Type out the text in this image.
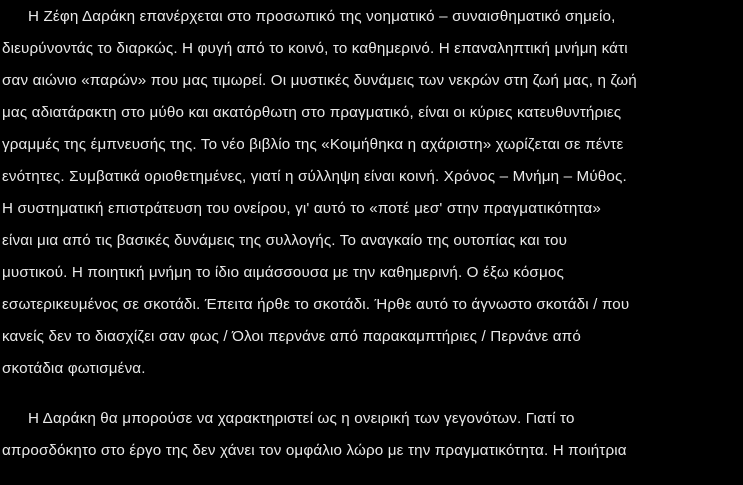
Η Ζέφη Δαράκη επανέρχεται στο προσωπικό της νοηματικό – συναισθηματικό σημείο,
διευρύνοντάς το διαρκώς. Η φυγή από το κοινό, το καθημερινό. Η επαναληπτική μνήμη κάτι
σαν αιώνιο «παρών» που μας τιμωρεί. Οι μυστικές δυνάμεις των νεκρών στη ζωή μας, η ζωή
μας αδιατάρακτη στο μύθο και ακατόρθωτη στο πραγματικό, είναι οι κύριες κατευθυντήριες
γραμμές της έμπνευσής της. Το νέο βιβλίο της «Κοιμήθηκα η αχάριστη» χωρίζεται σε πέντε
ενότητες. Συμβατικά οριοθετημένες, γιατί η σύλληψη είναι κοινή. Χρόνος – Μνήμη – Μύθος.
Η συστηματική επιστράτευση του ονείρου, γι' αυτό το «ποτέ μεσ' στην πραγματικότητα»
είναι μια από τις βασικές δυνάμεις της συλλογής. Το αναγκαίο της ουτοπίας και του
μυστικού. Η ποιητική μνήμη το ίδιο αιμάσσουσα με την καθημερινή. Ο έξω κόσμος
εσωτερικευμένος σε σκοτάδι. Έπειτα ήρθε το σκοτάδι. Ήρθε αυτό το άγνωστο σκοτάδι / που
κανείς δεν το διασχίζει σαν φως / Όλοι περνάνε από παρακαμπτήριες / Περνάνε από
σκοτάδια φωτισμένα.
Η Δαράκη θα μπορούσε να χαρακτηριστεί ως η ονειρική των γεγονότων. Γιατί το
απροσδόκητο στο έργο της δεν χάνει τον ομφάλιο λώρο με την πραγματικότητα. Η ποιήτρια
